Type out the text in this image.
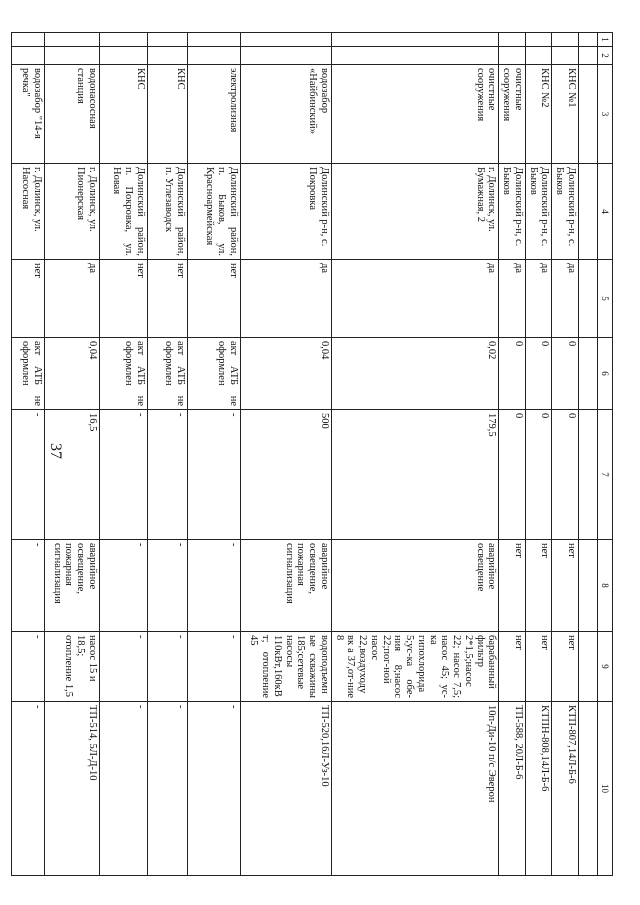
37
1	2	3	4	5	6	7	8	9	10

		КНС №1	Долинский р-н, с. Быков	да	0	0	нет	нет	КТП-807,14Л-Б-6
		КНС №2	Долинский р-н, с. Быков	да	0	0	нет	нет	КТПН-808,14Л-Б-6
		очистные сооружения	Долинский р-н, с. Быков	да	0	0	нет	нет	ТП-588, 20Л-Б-6
		очистные сооружения	г. Долинск, ул. Бумажная, 2	да	0,02	179,5	аварийное освещение	барабанный фильтр 2*1,5;насос 22; насос 7,5; насос 45; ус-ка гипохлорида 5;ус-ка обе-ния 8;насос 22;пог-ной насос 22,воздуходувк а 37,от-ние 8	10п-Ди-10 п/с Эверон
		водозабор «Найбинский»	Долинский р-н, с. Покровка	да	0,04	500	аварийное освещение, пожарная сигнализация	водоподъемные скважины 185;сетевые насосы 110кВт,160кВт; отопление 45	ТП-520,16Л-Уз-10
		электролизная	Долинский район, п. Быков, ул. Красноармейская	нет	акт АТБ не оформлен	-	-	-	-
		КНС	Долинский район, п. Углезаводск	нет	акт АТБ не оформлен	-	-	-	-
		КНС	Долинский район, п. Покровка, ул. Новая	нет	акт АТБ не оформлен	-	-	-	-
		водонасосная станция	г. Долинск, ул. Пионерская	да	0,04	16,5	аварийное освещение, пожарная сигнализация	насос 15 и 18,5; отопление 1,5	ТП-514, 5Л-Д-10
		водозабор "14-я речка"	г. Долинск, ул. Насосная	нет	акт АТБ не оформлен	-	-	-	-
